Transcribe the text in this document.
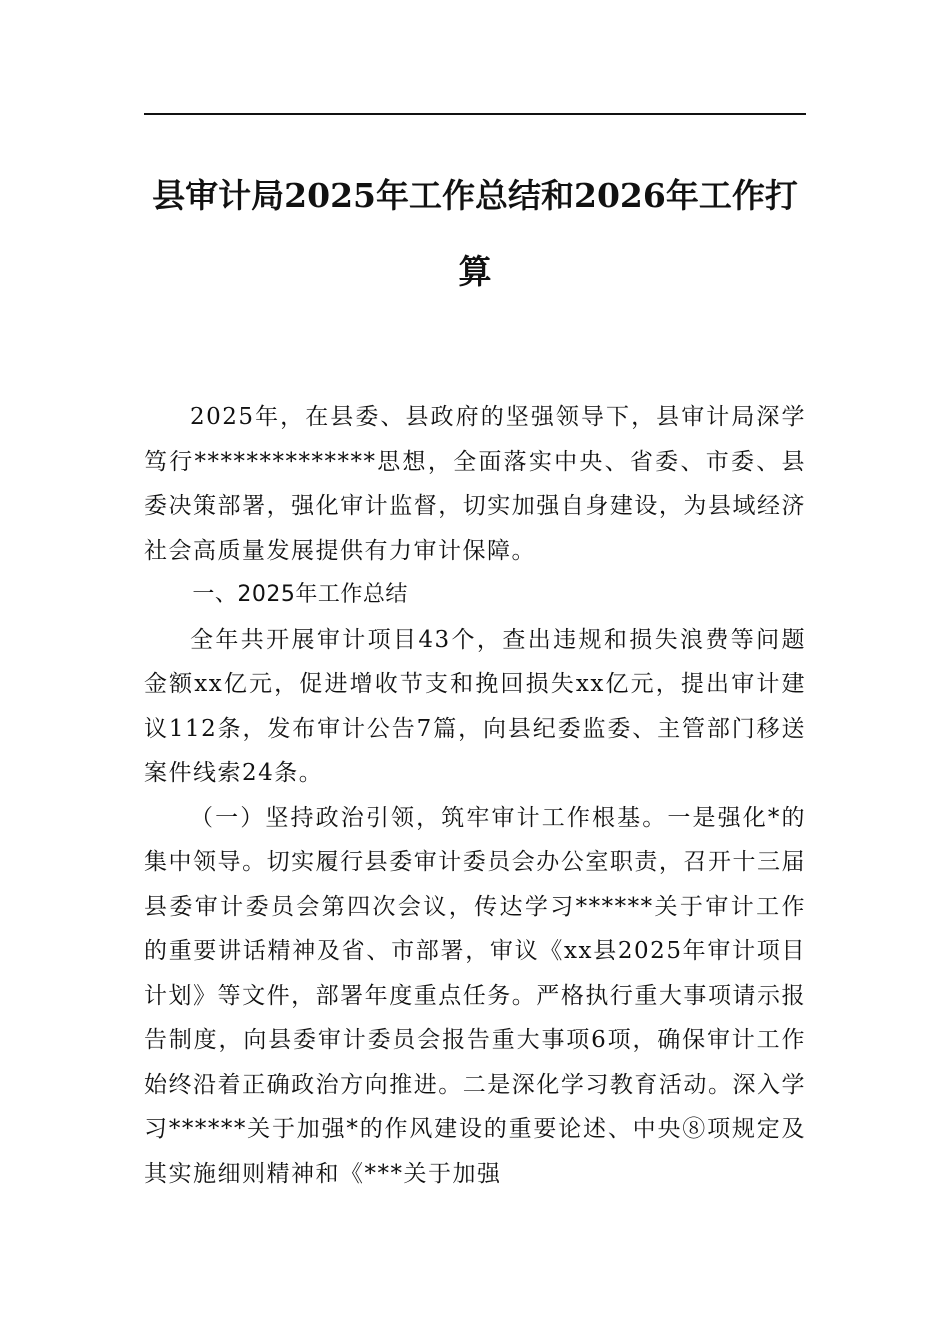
县审计局2025年工作总结和2026年工作打算

2025年，在县委、县政府的坚强领导下，县审计局深学笃行**************思想，全面落实中央、省委、市委、县委决策部署，强化审计监督，切实加强自身建设，为县域经济社会高质量发展提供有力审计保障。

一、2025年工作总结

全年共开展审计项目43个，查出违规和损失浪费等问题金额xx亿元，促进增收节支和挽回损失xx亿元，提出审计建议112条，发布审计公告7篇，向县纪委监委、主管部门移送案件线索24条。

（一）坚持政治引领，筑牢审计工作根基。一是强化*的集中领导。切实履行县委审计委员会办公室职责，召开十三届县委审计委员会第四次会议，传达学习******关于审计工作的重要讲话精神及省、市部署，审议《xx县2025年审计项目计划》等文件，部署年度重点任务。严格执行重大事项请示报告制度，向县委审计委员会报告重大事项6项，确保审计工作始终沿着正确政治方向推进。二是深化学习教育活动。深入学习******关于加强*的作风建设的重要论述、中央⑧项规定及其实施细则精神和《***关于加强
